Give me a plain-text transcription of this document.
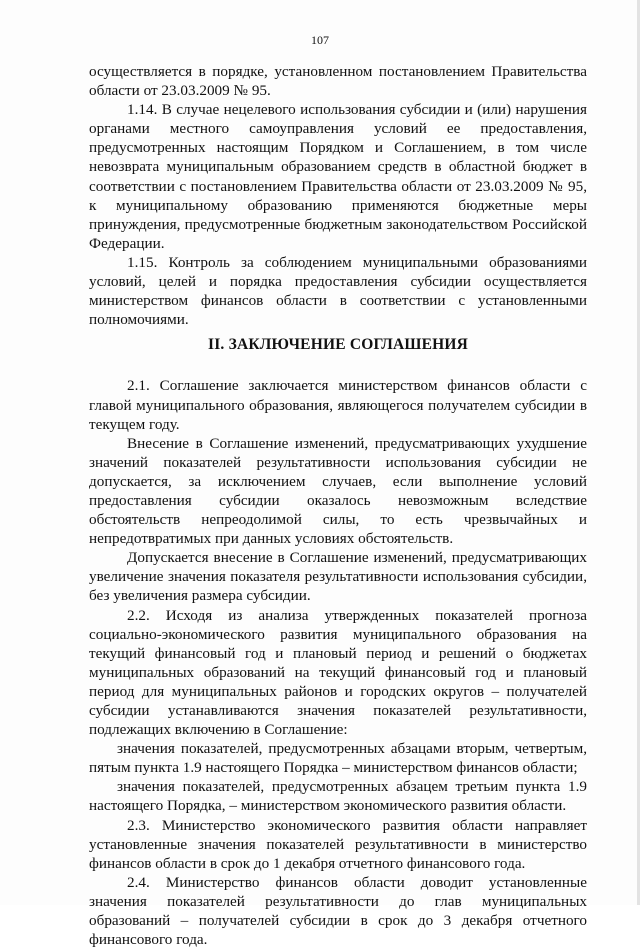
107

осуществляется в порядке, установленном постановлением Правительства области от 23.03.2009 № 95.

1.14. В случае нецелевого использования субсидии и (или) нарушения органами местного самоуправления условий ее предоставления, предусмотренных настоящим Порядком и Соглашением, в том числе невозврата муниципальным образованием средств в областной бюджет в соответствии с постановлением Правительства области от 23.03.2009 № 95, к муниципальному образованию применяются бюджетные меры принуждения, предусмотренные бюджетным законодательством Российской Федерации.

1.15. Контроль за соблюдением муниципальными образованиями условий, целей и порядка предоставления субсидии осуществляется министерством финансов области в соответствии с установленными полномочиями.

II. ЗАКЛЮЧЕНИЕ СОГЛАШЕНИЯ

2.1. Соглашение заключается министерством финансов области с главой муниципального образования, являющегося получателем субсидии в текущем году.

Внесение в Соглашение изменений, предусматривающих ухудшение значений показателей результативности использования субсидии не допускается, за исключением случаев, если выполнение условий предоставления субсидии оказалось невозможным вследствие обстоятельств непреодолимой силы, то есть чрезвычайных и непредотвратимых при данных условиях обстоятельств.

Допускается внесение в Соглашение изменений, предусматривающих увеличение значения показателя результативности использования субсидии, без увеличения размера субсидии.

2.2. Исходя из анализа утвержденных показателей прогноза социально-экономического развития муниципального образования на текущий финансовый год и плановый период и решений о бюджетах муниципальных образований на текущий финансовый год и плановый период для муниципальных районов и городских округов – получателей субсидии устанавливаются значения показателей результативности, подлежащих включению в Соглашение:

значения показателей, предусмотренных абзацами вторым, четвертым, пятым пункта 1.9 настоящего Порядка – министерством финансов области;

значения показателей, предусмотренных абзацем третьим пункта 1.9 настоящего Порядка, – министерством экономического развития области.

2.3. Министерство экономического развития области направляет установленные значения показателей результативности в министерство финансов области в срок до 1 декабря отчетного финансового года.

2.4. Министерство финансов области доводит установленные значения показателей результативности до глав муниципальных образований – получателей субсидии в срок до 3 декабря отчетного финансового года.
